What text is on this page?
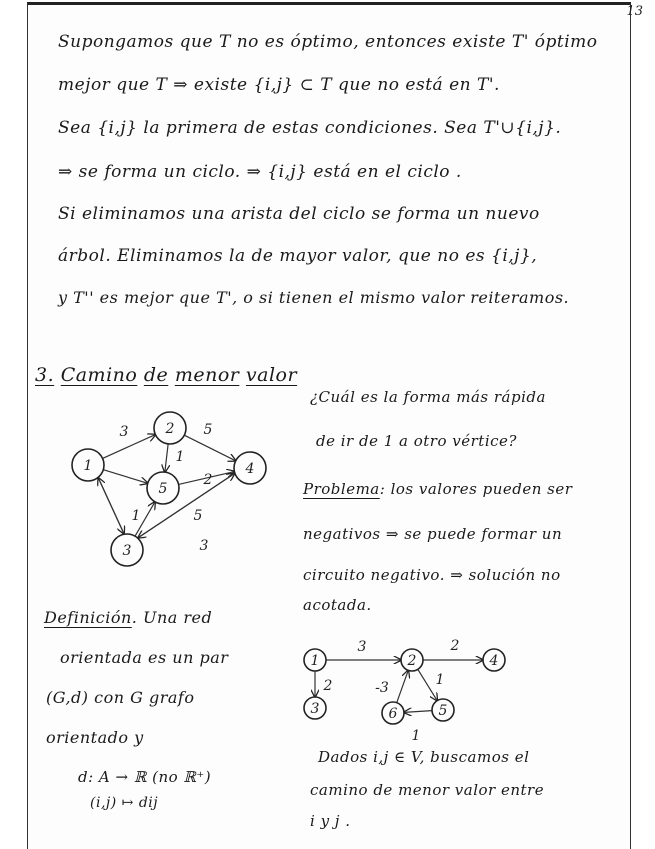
13
Supongamos que T no es óptimo, entonces existe T' óptimo
mejor que T ⇒ existe {i,j} ⊂ T que no está en T'.
Sea {i,j} la primera de estas condiciones. Sea T'∪{i,j}.
⇒ se forma un ciclo. ⇒ {i,j} está en el ciclo .
Si eliminamos una arista del ciclo se forma un nuevo
árbol. Eliminamos la de mayor valor, que no es {i,j},
y T'' es mejor que T', o si tienen el mismo valor reiteramos.
3. Camino de menor valor
¿Cuál es la forma más rápida
de ir de 1 a otro vértice?
Problema: los valores pueden ser
negativos ⇒ se puede formar un
circuito negativo. ⇒ solución no
acotada.
Definición. Una red
orientada es un par
(G,d) con G grafo
orientado y
d: A → ℝ (no ℝ⁺)
(i,j) ↦ dij
Dados i,j ∈ V, buscamos el
camino de menor valor entre
i y j .
1
2
3
4
5
3	5
1
2
1	5
3
1	2
3
4
5
6
3	2
2	1
1
-3
